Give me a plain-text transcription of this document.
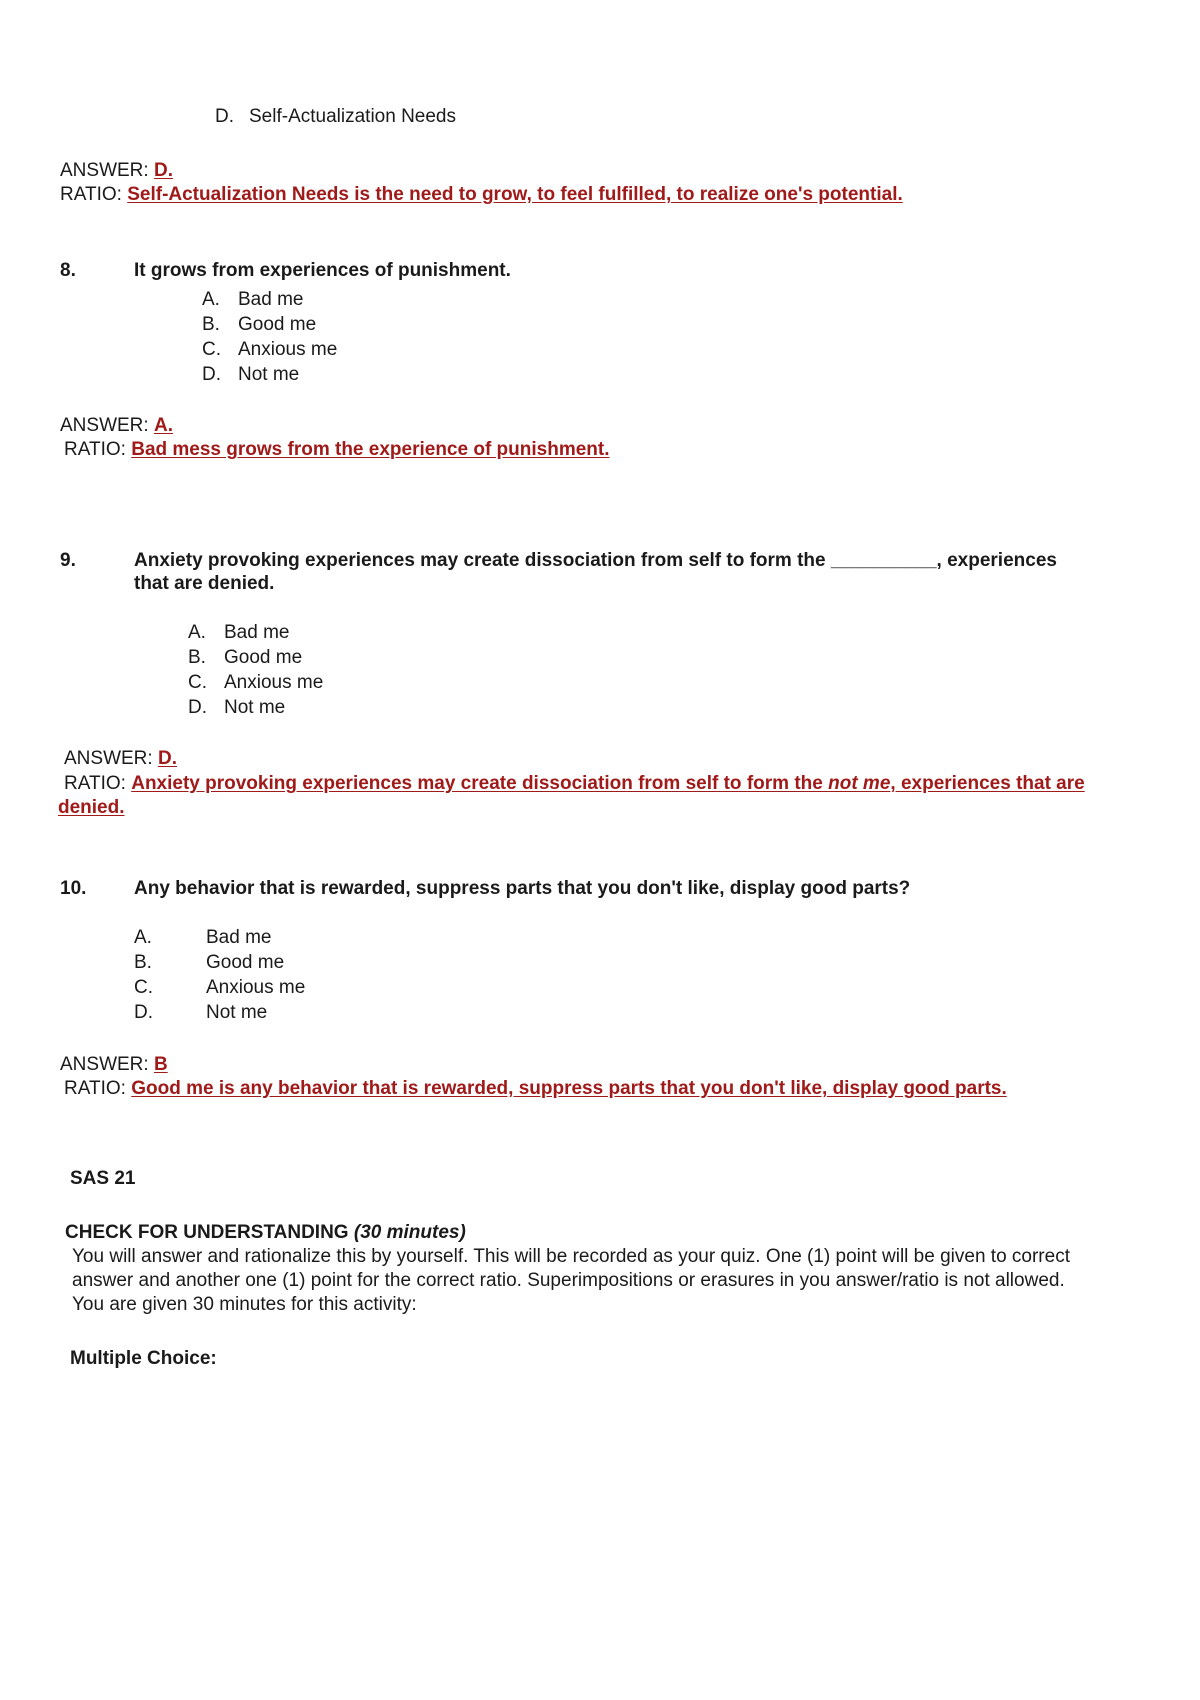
D. Self-Actualization Needs
ANSWER: D.
RATIO: Self-Actualization Needs is the need to grow, to feel fulfilled, to realize one's potential.
8.	It grows from experiences of punishment.
A. Bad me
B. Good me
C. Anxious me
D. Not me
ANSWER: A.
RATIO: Bad mess grows from the experience of punishment.
9.	Anxiety provoking experiences may create dissociation from self to form the __________, experiences
that are denied.
A. Bad me
B. Good me
C. Anxious me
D. Not me
ANSWER: D.
RATIO: Anxiety provoking experiences may create dissociation from self to form the not me, experiences that are
denied.
10.	Any behavior that is rewarded, suppress parts that you don't like, display good parts?
A.	Bad me
B.	Good me
C.	Anxious me
D.	Not me
ANSWER: B
RATIO: Good me is any behavior that is rewarded, suppress parts that you don't like, display good parts.
SAS 21
CHECK FOR UNDERSTANDING (30 minutes)
You will answer and rationalize this by yourself. This will be recorded as your quiz. One (1) point will be given to correct
answer and another one (1) point for the correct ratio. Superimpositions or erasures in you answer/ratio is not allowed.
You are given 30 minutes for this activity:
Multiple Choice:
